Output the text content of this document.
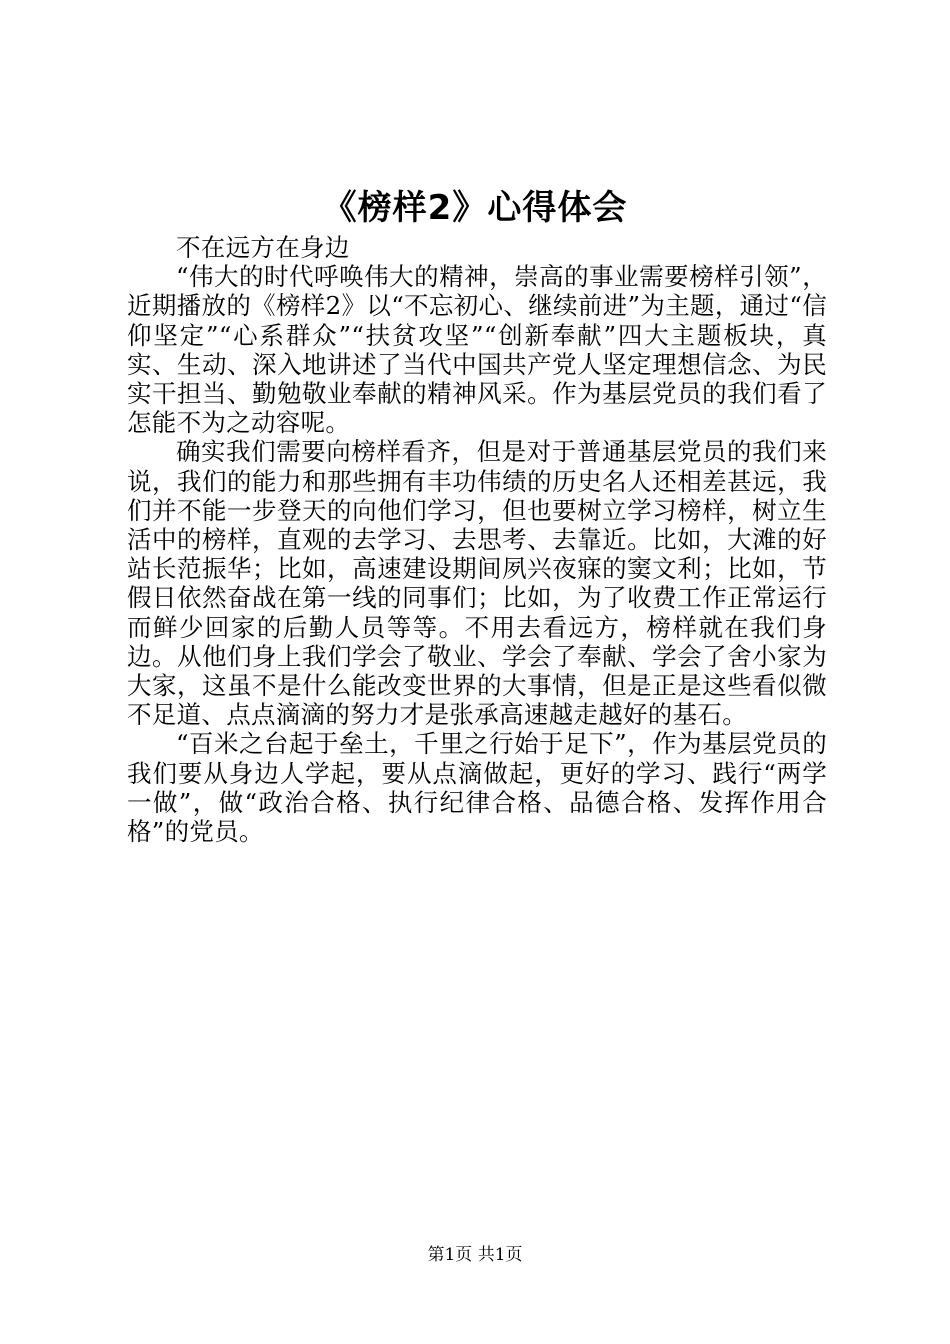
《榜样2》心得体会

不在远方在身边

“伟大的时代呼唤伟大的精神，崇高的事业需要榜样引领”，近期播放的《榜样2》以“不忘初心、继续前进”为主题，通过“信仰坚定”“心系群众”“扶贫攻坚”“创新奉献”四大主题板块，真实、生动、深入地讲述了当代中国共产党人坚定理想信念、为民实干担当、勤勉敬业奉献的精神风采。作为基层党员的我们看了怎能不为之动容呢。

确实我们需要向榜样看齐，但是对于普通基层党员的我们来说，我们的能力和那些拥有丰功伟绩的历史名人还相差甚远，我们并不能一步登天的向他们学习，但也要树立学习榜样，树立生活中的榜样，直观的去学习、去思考、去靠近。比如，大滩的好站长范振华；比如，高速建设期间夙兴夜寐的窦文利；比如，节假日依然奋战在第一线的同事们；比如，为了收费工作正常运行而鲜少回家的后勤人员等等。不用去看远方，榜样就在我们身边。从他们身上我们学会了敬业、学会了奉献、学会了舍小家为大家，这虽不是什么能改变世界的大事情，但是正是这些看似微不足道、点点滴滴的努力才是张承高速越走越好的基石。

“百米之台起于垒土，千里之行始于足下”，作为基层党员的我们要从身边人学起，要从点滴做起，更好的学习、践行“两学一做”，做“政治合格、执行纪律合格、品德合格、发挥作用合格”的党员。

第1页 共1页
